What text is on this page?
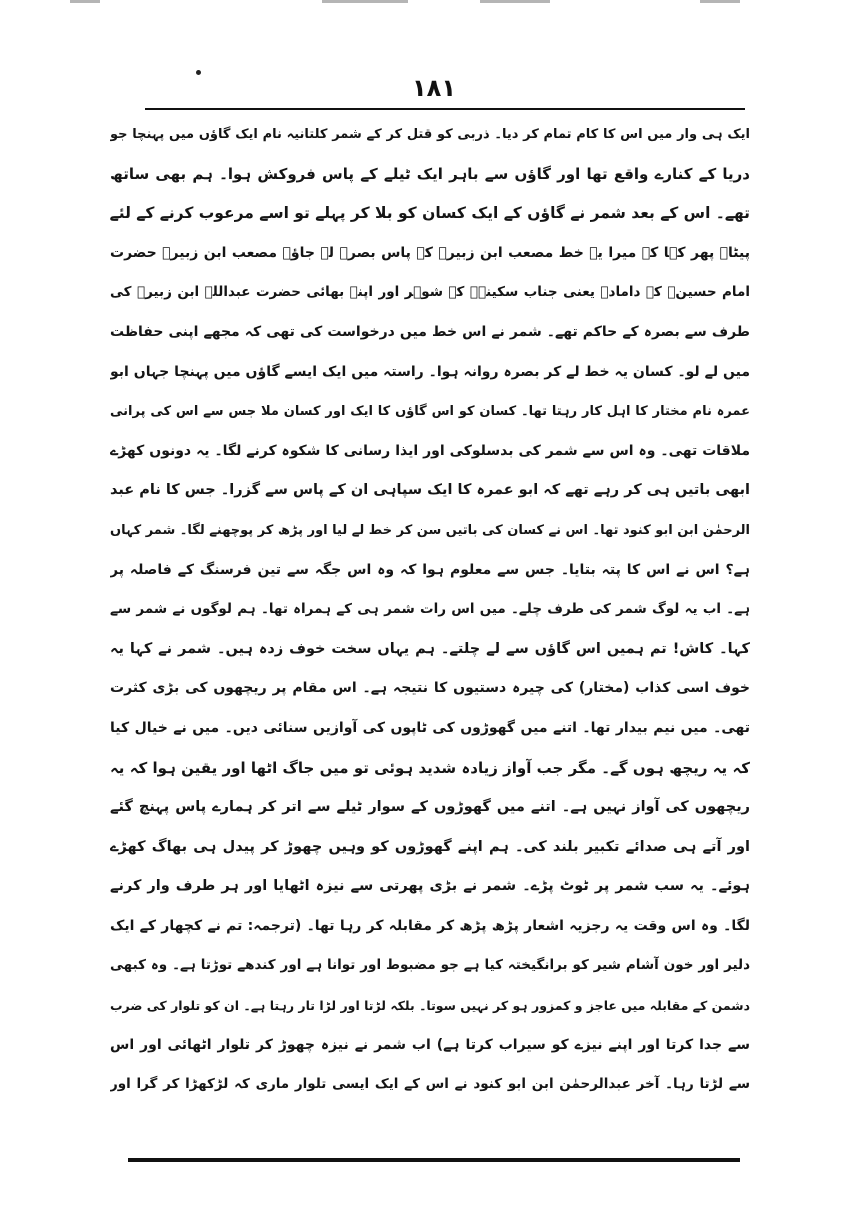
۱۸۱
ایک ہی وار میں اس کا کام تمام کر دیا۔ ذربی کو قتل کر کے شمر کلتانیہ نام ایک گاؤں میں پہنچا جو
دریا کے کنارے واقع تھا اور گاؤں سے باہر ایک ٹیلے کے پاس فروکش ہوا۔ ہم بھی ساتھ
تھے۔ اس کے بعد شمر نے گاؤں کے ایک کسان کو بلا کر پہلے تو اسے مرعوب کرنے کے لئے
پیٹا۔ پھر کہا کہ میرا یہ خط مصعب ابن زبیرؓ کے پاس بصرہ لے جاؤ۔ مصعب ابن زبیرؓ حضرت
امام حسینؓ کے داماد۔ یعنی جناب سکینہؓ کے شوہر اور اپنے بھائی حضرت عبداللہ ابن زبیرؓ کی
طرف سے بصرہ کے حاکم تھے۔ شمر نے اس خط میں درخواست کی تھی کہ مجھے اپنی حفاظت
میں لے لو۔ کسان یہ خط لے کر بصرہ روانہ ہوا۔ راستہ میں ایک ایسے گاؤں میں پہنچا جہاں ابو
عمرہ نام مختار کا اہل کار رہتا تھا۔ کسان کو اس گاؤں کا ایک اور کسان ملا جس سے اس کی پرانی
ملاقات تھی۔ وہ اس سے شمر کی بدسلوکی اور ایذا رسانی کا شکوہ کرنے لگا۔ یہ دونوں کھڑے
ابھی باتیں ہی کر رہے تھے کہ ابو عمرہ کا ایک سپاہی ان کے پاس سے گزرا۔ جس کا نام عبد
الرحمٰن ابن ابو کنود تھا۔ اس نے کسان کی باتیں سن کر خط لے لیا اور پڑھ کر پوچھنے لگا۔ شمر کہاں
ہے؟ اس نے اس کا پتہ بتایا۔ جس سے معلوم ہوا کہ وہ اس جگہ سے تین فرسنگ کے فاصلہ پر
ہے۔ اب یہ لوگ شمر کی طرف چلے۔ میں اس رات شمر ہی کے ہمراہ تھا۔ ہم لوگوں نے شمر سے
کہا۔ کاش! تم ہمیں اس گاؤں سے لے چلتے۔ ہم یہاں سخت خوف زدہ ہیں۔ شمر نے کہا یہ
خوف اسی کذاب (مختار) کی چیرہ دستیوں کا نتیجہ ہے۔ اس مقام پر ریچھوں کی بڑی کثرت
تھی۔ میں نیم بیدار تھا۔ اتنے میں گھوڑوں کی ٹاپوں کی آوازیں سنائی دیں۔ میں نے خیال کیا
کہ یہ ریچھ ہوں گے۔ مگر جب آواز زیادہ شدید ہوئی تو میں جاگ اٹھا اور یقین ہوا کہ یہ
ریچھوں کی آواز نہیں ہے۔ اتنے میں گھوڑوں کے سوار ٹیلے سے اتر کر ہمارے پاس پہنچ گئے
اور آتے ہی صدائے تکبیر بلند کی۔ ہم اپنے گھوڑوں کو وہیں چھوڑ کر پیدل ہی بھاگ کھڑے
ہوئے۔ یہ سب شمر پر ٹوٹ پڑے۔ شمر نے بڑی پھرتی سے نیزہ اٹھایا اور ہر طرف وار کرنے
لگا۔ وہ اس وقت یہ رجزیہ اشعار پڑھ پڑھ کر مقابلہ کر رہا تھا۔ (ترجمہ: تم نے کچھار کے ایک
دلیر اور خون آشام شیر کو برانگیختہ کیا ہے جو مضبوط اور توانا ہے اور کندھے توڑتا ہے۔ وہ کبھی
دشمن کے مقابلہ میں عاجز و کمزور ہو کر نہیں سوتا۔ بلکہ لڑتا اور لڑا تار رہتا ہے۔ ان کو تلوار کی ضرب
سے جدا کرتا اور اپنے نیزے کو سیراب کرتا ہے) اب شمر نے نیزہ چھوڑ کر تلوار اٹھائی اور اس
سے لڑتا رہا۔ آخر عبدالرحمٰن ابن ابو کنود نے اس کے ایک ایسی تلوار ماری کہ لڑکھڑا کر گرا اور
